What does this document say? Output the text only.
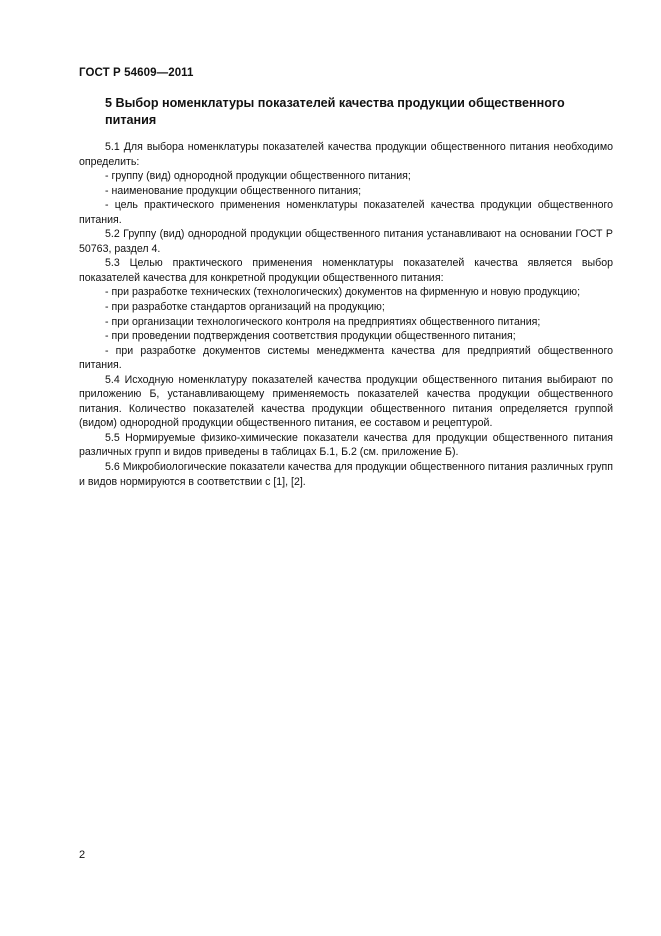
ГОСТ Р 54609—2011
5 Выбор номенклатуры показателей качества продукции общественного питания

5.1 Для выбора номенклатуры показателей качества продукции общественного питания необходимо определить:

- группу (вид) однородной продукции общественного питания;

- наименование продукции общественного питания;

- цель практического применения номенклатуры показателей качества продукции общественного питания.

5.2 Группу (вид) однородной продукции общественного питания устанавливают на основании ГОСТ Р 50763, раздел 4.

5.3 Целью практического применения номенклатуры показателей качества является выбор показателей качества для конкретной продукции общественного питания:

- при разработке технических (технологических) документов на фирменную и новую продукцию;

- при разработке стандартов организаций на продукцию;

- при организации технологического контроля на предприятиях общественного питания;

- при проведении подтверждения соответствия продукции общественного питания;

- при разработке документов системы менеджмента качества для предприятий общественного питания.

5.4 Исходную номенклатуру показателей качества продукции общественного питания выбирают по приложению Б, устанавливающему применяемость показателей качества продукции общественного питания. Количество показателей качества продукции общественного питания определяется группой (видом) однородной продукции общественного питания, ее составом и рецептурой.

5.5 Нормируемые физико-химические показатели качества для продукции общественного питания различных групп и видов приведены в таблицах Б.1, Б.2 (см. приложение Б).

5.6 Микробиологические показатели качества для продукции общественного питания различных групп и видов нормируются в соответствии с [1], [2].

2
